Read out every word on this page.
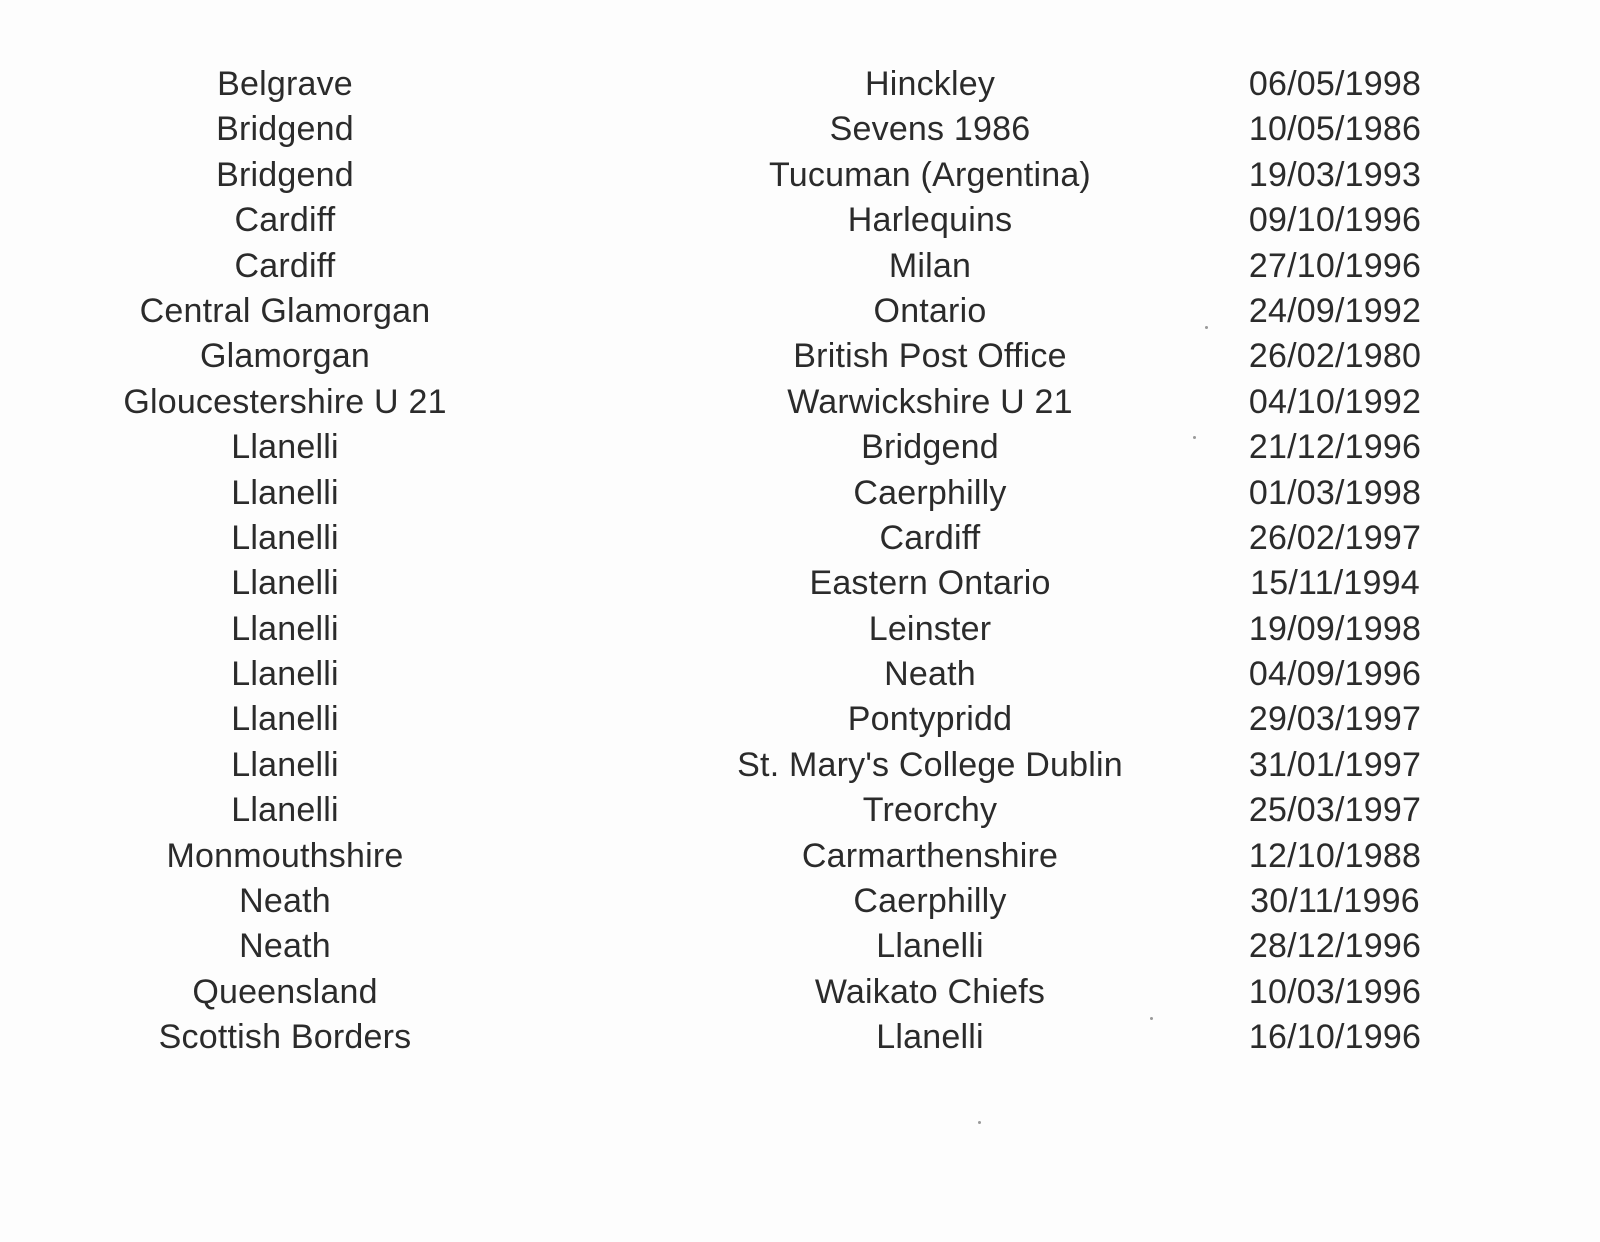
Belgrave	Hinckley	06/05/1998
Bridgend	Sevens 1986	10/05/1986
Bridgend	Tucuman (Argentina)	19/03/1993
Cardiff	Harlequins	09/10/1996
Cardiff	Milan	27/10/1996
Central Glamorgan	Ontario	24/09/1992
Glamorgan	British Post Office	26/02/1980
Gloucestershire U 21	Warwickshire U 21	04/10/1992
Llanelli	Bridgend	21/12/1996
Llanelli	Caerphilly	01/03/1998
Llanelli	Cardiff	26/02/1997
Llanelli	Eastern Ontario	15/11/1994
Llanelli	Leinster	19/09/1998
Llanelli	Neath	04/09/1996
Llanelli	Pontypridd	29/03/1997
Llanelli	St. Mary's College Dublin	31/01/1997
Llanelli	Treorchy	25/03/1997
Monmouthshire	Carmarthenshire	12/10/1988
Neath	Caerphilly	30/11/1996
Neath	Llanelli	28/12/1996
Queensland	Waikato Chiefs	10/03/1996
Scottish Borders	Llanelli	16/10/1996
